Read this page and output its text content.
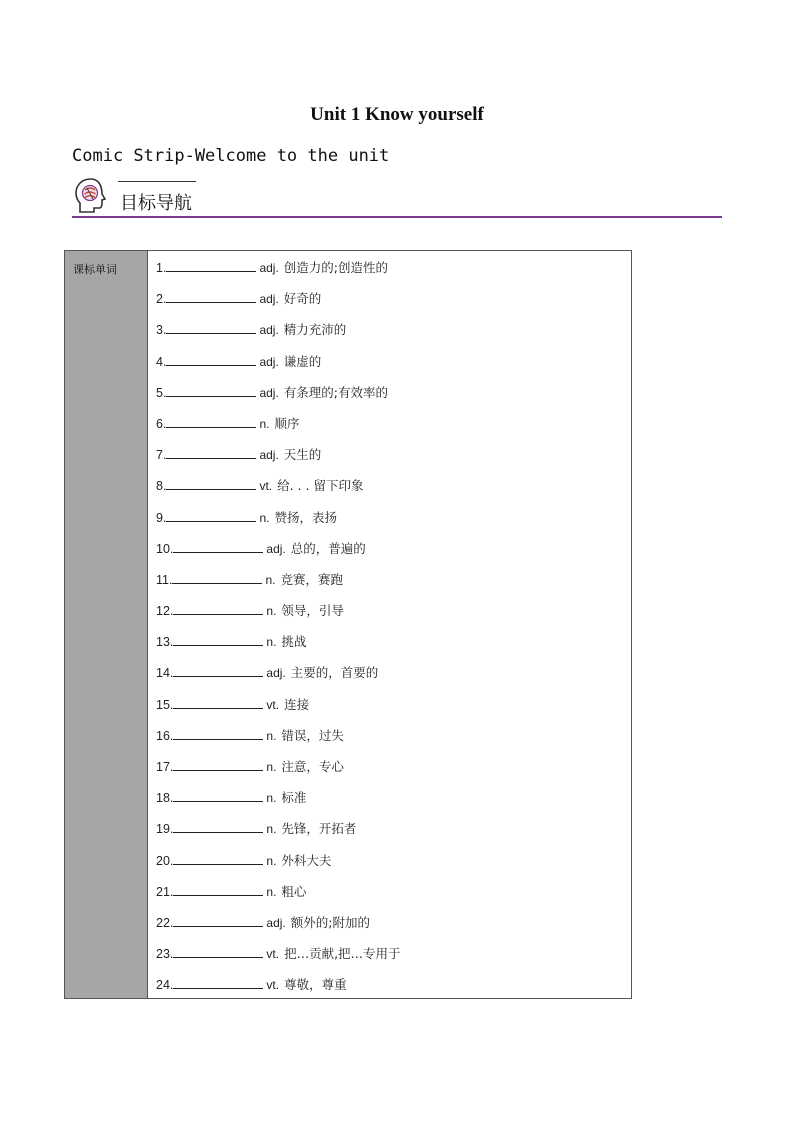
Unit 1 Know yourself
Comic Strip-Welcome to the unit
目标导航
课标单词	1.	adj. 创造力的;创造性的
2.	adj. 好奇的
3.	adj. 精力充沛的
4.	adj. 谦虚的
5.	adj. 有条理的;有效率的
6.	n. 顺序
7.	adj. 天生的
8.	vt. 给. . . 留下印象
9.	n. 赞扬，表扬
10.	adj. 总的，普遍的
11.	n. 竞赛，赛跑
12.	n. 领导，引导
13.	n. 挑战
14.	adj. 主要的，首要的
15.	vt. 连接
16.	n. 错误，过失
17.	n. 注意，专心
18.	n. 标准
19.	n. 先锋，开拓者
20.	n. 外科大夫
21.	n. 粗心
22.	adj. 额外的;附加的
23.	vt. 把…贡献,把…专用于
24.	vt. 尊敬，尊重
